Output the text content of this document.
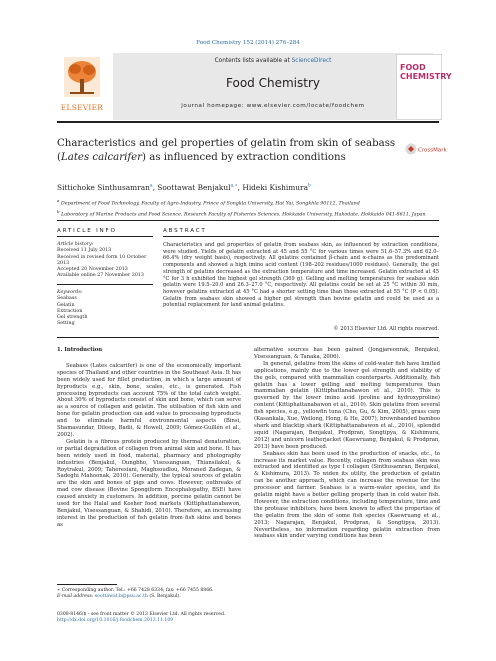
Food Chemistry 152 (2014) 276–284
ELSEVIER
Contents lists available at ScienceDirect
Food Chemistry
journal homepage: www.elsevier.com/locate/foodchem
FOOD CHEMISTRY
Characteristics and gel properties of gelatin from skin of seabass
(Lates calcarifer) as influenced by extraction conditions
CrossMark
Sittichoke Sinthusamran$^a$, Soottawat Benjakul$^{a,∗}$, Hideki Kishimura$^b$
$^a$ Department of Food Technology, Faculty of Agro-Industry, Prince of Songkla University, Hat Yai, Songkhla 90112, Thailand
$^b$ Laboratory of Marine Products and Food Science, Research Faculty of Fisheries Sciences, Hokkaido University, Hakodate, Hokkaido 041-8611, Japan
ARTICLE INFO	ABSTRACT
Article history:
Received 11 July 2013
Received in revised form 10 October 2013
Accepted 20 November 2013
Available online 27 November 2013
Keywords:
Seabass
Gelatin
Extraction
Gel strength
Setting
Characteristics and gel properties of gelatin from seabass skin, as influenced by extraction conditions, were studied. Yields of gelatin extracted at 45 and 55 °C for various times were 51.6–57.3% and 62.0–66.4% (dry weight basis), respectively. All gelatins contained β-chain and α-chains as the predominant components and showed a high imino acid content (198–202 residues/1000 residues). Generally, the gel strength of gelatins decreased as the extraction temperature and time increased. Gelatin extracted at 45 °C for 3 h exhibited the highest gel strength (369 g). Gelling and melting temperatures for seabass skin gelatin were 19.5–20.0 and 26.3–27.0 °C, respectively. All gelatins could be set at 25 °C within 30 min, however gelatins extracted at 45 °C had a shorter setting time than those extracted at 55 °C (P < 0.05). Gelatin from seabass skin showed a higher gel strength than bovine gelatin and could be used as a potential replacement for land animal gelatins.
© 2013 Elsevier Ltd. All rights reserved.
1. Introduction

Seabass (Lates calcarifer) is one of the economically important species of Thailand and other countries in the Southeast Asia. It has been widely used for fillet production, in which a large amount of byproducts e.g., skin, bone, scales, etc., is generated. Fish processing byproducts can account 75% of the total catch weight. About 30% of byproducts consist of skin and bone, which can serve as a source of collagen and gelatin. The utilisation of fish skin and bone for gelatin production can add value to processing byproducts and to eliminate harmful environmental aspects (Binsi, Shamasundar, Dileep, Badii, & Howell, 2009; Gómez-Guillén et al., 2002).

Gelatin is a fibrous protein produced by thermal denaturation, or partial degradation of collagen from animal skin and bone. It has been widely used in food, material, pharmacy and photography industries (Benjakul, Oungbho, Visessanguan, Thiansilakul, & Roytrakul, 2009; Taheresiani, Maghsoudlou, Moraned Zadegan, & Sadeghi Mahoonak, 2010). Generally, the typical sources of gelatin are the skin and bones of pigs and cows. However, outbreaks of mad cow disease (Bovine Spongiform Encephalopathy, BSE) have caused anxiety in customers. In addition, porcine gelatin cannot be used for the Halal and Kosher food markets (Kittiphattanabawon, Benjakul, Visessanguan, & Shahidi, 2010). Therefore, an increasing interest in the production of fish gelatin from fish skins and bones as

alternative sources has been gained (Jongjareonrak, Benjakul, Visessanguan, & Tanaka, 2006).

In general, gelatins from the skins of cold-water fish have limited applications, mainly due to the lower gel strength and stability of the gels, compared with mammalian counterparts. Additionally, fish gelatin has a lower gelling and melting temperatures than mammalian gelatin (Kittiphattanabawon et al., 2010). This is governed by the lower imino acid (proline and hydroxyproline) content (Kittiphattanabawon et al., 2010). Skin gelatins from several fish species, e.g., yellowfin tuna (Cho, Gu, & Kim, 2005), grass carp (Kasankala, Xue, Weilong, Hong, & He, 2007), brownbanded bamboo shark and blacktip shark (Kittiphattanabawon et al., 2010), splendid squid (Nagarajan, Benjakul, Prodpran, Songtipya, & Kishimura, 2012) and unicorn leatherjacket (Kaewruang, Benjakul, & Prodpran, 2013) have been produced.

Seabass skin has been used in the production of snacks, etc., to increase its market value. Recently, collagen from seabass skin was extracted and identified as type I collagen (Sinthusamran, Benjakul, & Kishimura, 2013). To widen its utility, the production of gelatin can be another approach, which can increase the revenue for the processor and farmer. Seabass is a warm-water species, and its gelatin might have a better gelling property than in cold water fish. However, the extraction conditions, including temperature, time and the protease inhibitors, have been known to affect the properties of the gelatin from the skin of some fish species (Kaewruang et al., 2013; Nagarajan, Benjakul, Prodpran, & Songtipya, 2013). Nevertheless, no information regarding gelatin extraction from seabass skin under varying conditions has been

∗ Corresponding author. Tel.: +66 7428 6334; fax: +66 7455 8866.
E-mail address: soottawat.b@psu.ac.th (S. Benjakul).
0308-8146/$ - see front matter © 2013 Elsevier Ltd. All rights reserved.
http://dx.doi.org/10.1016/j.foodchem.2013.11.109
